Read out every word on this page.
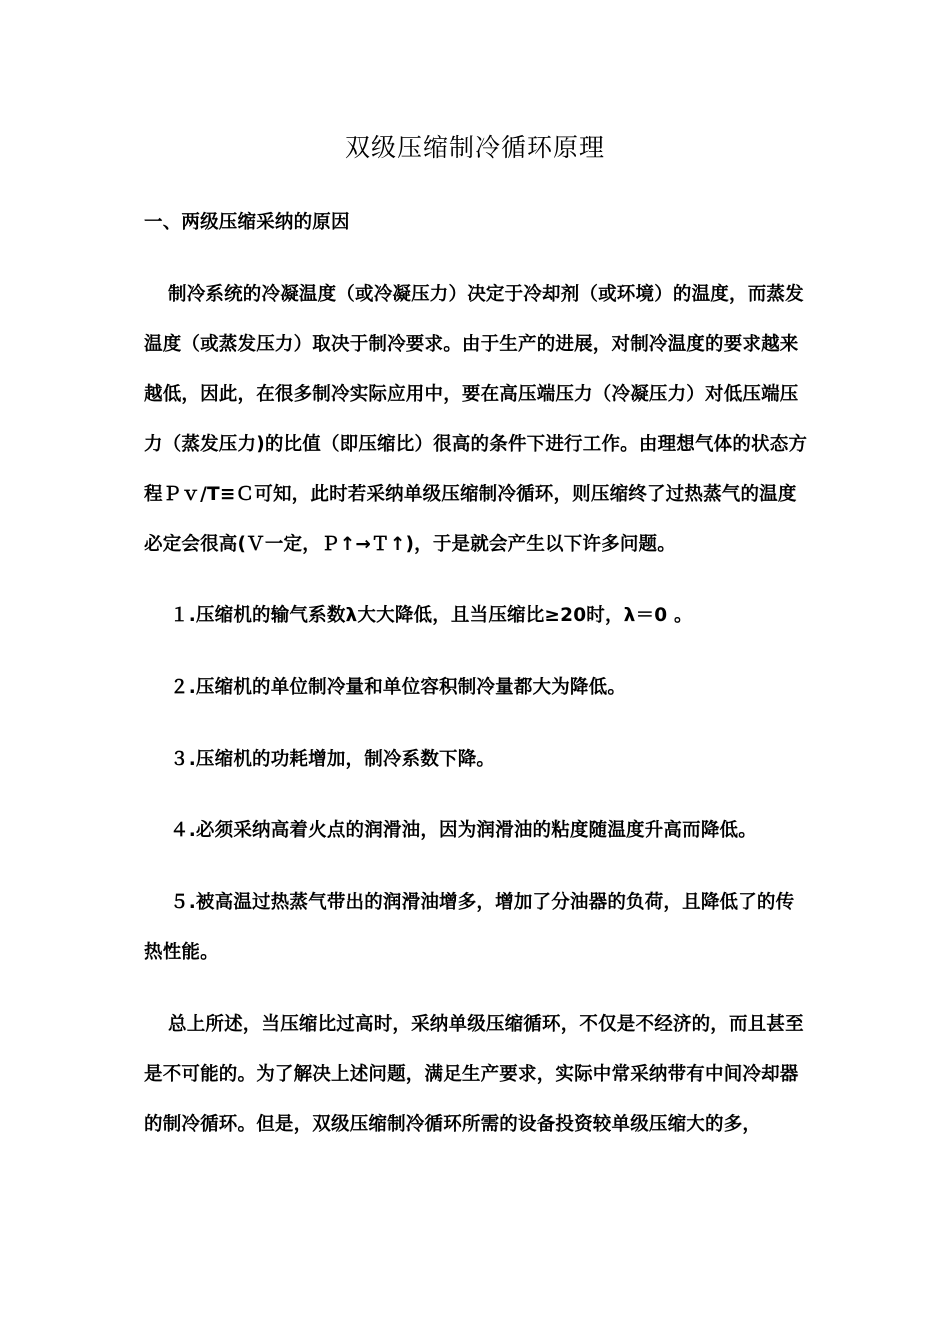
双级压缩制冷循环原理

一、两级压缩采纳的原因

制冷系统的冷凝温度（或冷凝压力）决定于冷却剂（或环境）的温度，而蒸发温度（或蒸发压力）取决于制冷要求。由于生产的进展，对制冷温度的要求越来越低，因此，在很多制冷实际应用中，要在高压端压力（冷凝压力）对低压端压力（蒸发压力)的比值（即压缩比）很高的条件下进行工作。由理想气体的状态方程Ｐｖ/T≡Ｃ可知，此时若采纳单级压缩制冷循环，则压缩终了过热蒸气的温度必定会很高(Ｖ一定，Ｐ↑→Ｔ↑)，于是就会产生以下许多问题。

１.压缩机的输气系数λ大大降低，且当压缩比≥20时，λ＝0 。

２.压缩机的单位制冷量和单位容积制冷量都大为降低。

３.压缩机的功耗增加，制冷系数下降。

４.必须采纳高着火点的润滑油，因为润滑油的粘度随温度升高而降低。

５.被高温过热蒸气带出的润滑油增多，增加了分油器的负荷，且降低了的传热性能。

总上所述，当压缩比过高时，采纳单级压缩循环，不仅是不经济的，而且甚至是不可能的。为了解决上述问题，满足生产要求，实际中常采纳带有中间冷却器的制冷循环。但是，双级压缩制冷循环所需的设备投资较单级压缩大的多，
